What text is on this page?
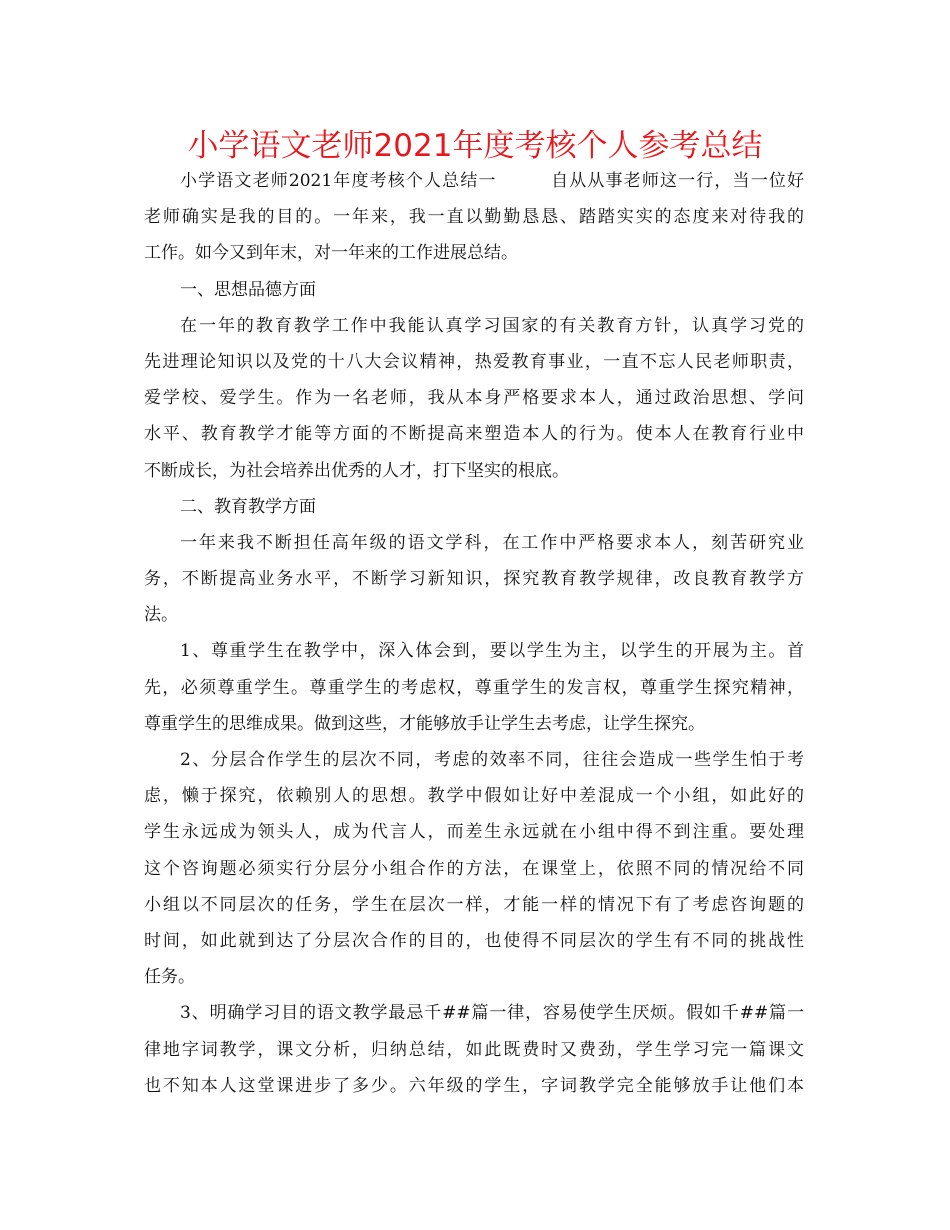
小学语文老师2021年度考核个人参考总结
小学语文老师2021年度考核个人总结一　　　自从从事老师这一行，当一位好
老师确实是我的目的。一年来，我一直以勤勤恳恳、踏踏实实的态度来对待我的
工作。如今又到年末，对一年来的工作进展总结。
一、思想品德方面
在一年的教育教学工作中我能认真学习国家的有关教育方针，认真学习党的
先进理论知识以及党的十八大会议精神，热爱教育事业，一直不忘人民老师职责，
爱学校、爱学生。作为一名老师，我从本身严格要求本人，通过政治思想、学问
水平、教育教学才能等方面的不断提高来塑造本人的行为。使本人在教育行业中
不断成长，为社会培养出优秀的人才，打下坚实的根底。
二、教育教学方面
一年来我不断担任高年级的语文学科，在工作中严格要求本人，刻苦研究业
务，不断提高业务水平，不断学习新知识，探究教育教学规律，改良教育教学方
法。
1、尊重学生在教学中，深入体会到，要以学生为主，以学生的开展为主。首
先，必须尊重学生。尊重学生的考虑权，尊重学生的发言权，尊重学生探究精神，
尊重学生的思维成果。做到这些，才能够放手让学生去考虑，让学生探究。
2、分层合作学生的层次不同，考虑的效率不同，往往会造成一些学生怕于考
虑，懒于探究，依赖别人的思想。教学中假如让好中差混成一个小组，如此好的
学生永远成为领头人，成为代言人，而差生永远就在小组中得不到注重。要处理
这个咨询题必须实行分层分小组合作的方法，在课堂上，依照不同的情况给不同
小组以不同层次的任务，学生在层次一样，才能一样的情况下有了考虑咨询题的
时间，如此就到达了分层次合作的目的，也使得不同层次的学生有不同的挑战性
任务。
3、明确学习目的语文教学最忌千##篇一律，容易使学生厌烦。假如千##篇一
律地字词教学，课文分析，归纳总结，如此既费时又费劲，学生学习完一篇课文
也不知本人这堂课进步了多少。六年级的学生，字词教学完全能够放手让他们本
